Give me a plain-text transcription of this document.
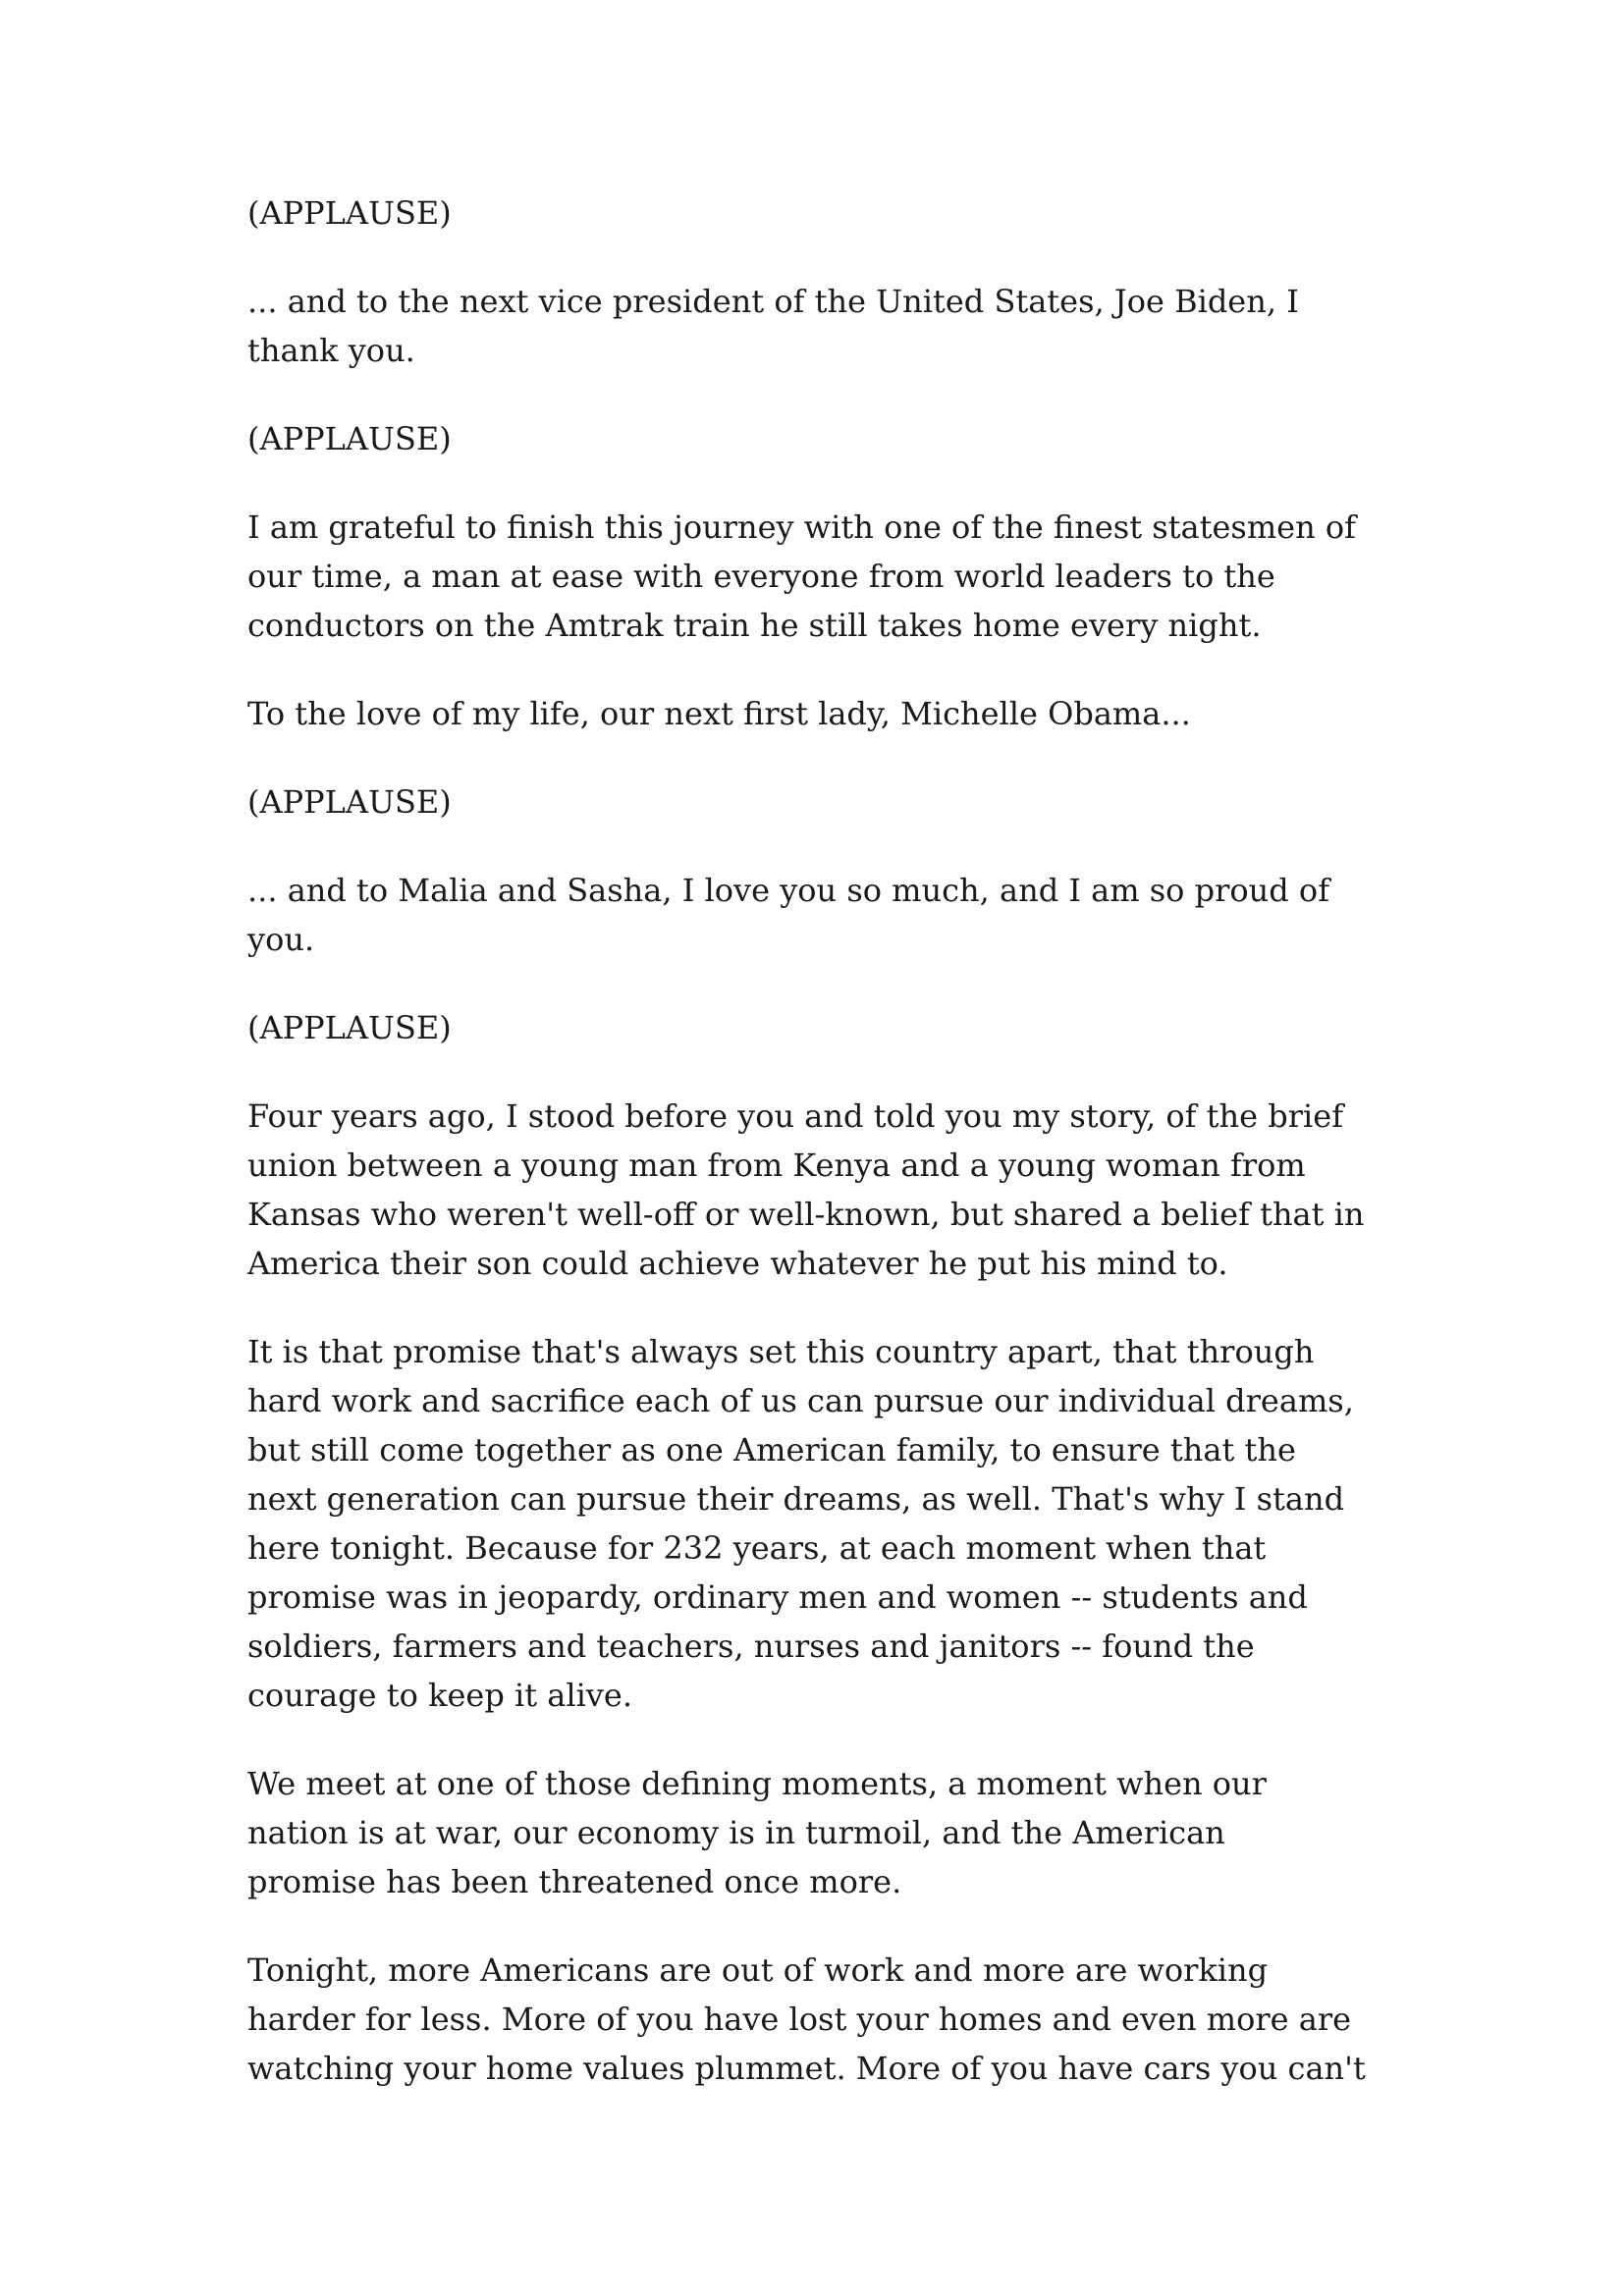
(APPLAUSE)

... and to the next vice president of the United States, Joe Biden, I
thank you.

(APPLAUSE)

I am grateful to finish this journey with one of the finest statesmen of
our time, a man at ease with everyone from world leaders to the
conductors on the Amtrak train he still takes home every night.

To the love of my life, our next first lady, Michelle Obama...

(APPLAUSE)

... and to Malia and Sasha, I love you so much, and I am so proud of
you.

(APPLAUSE)

Four years ago, I stood before you and told you my story, of the brief
union between a young man from Kenya and a young woman from
Kansas who weren't well-off or well-known, but shared a belief that in
America their son could achieve whatever he put his mind to.

It is that promise that's always set this country apart, that through
hard work and sacrifice each of us can pursue our individual dreams,
but still come together as one American family, to ensure that the
next generation can pursue their dreams, as well. That's why I stand
here tonight. Because for 232 years, at each moment when that
promise was in jeopardy, ordinary men and women -- students and
soldiers, farmers and teachers, nurses and janitors -- found the
courage to keep it alive.

We meet at one of those defining moments, a moment when our
nation is at war, our economy is in turmoil, and the American
promise has been threatened once more.

Tonight, more Americans are out of work and more are working
harder for less. More of you have lost your homes and even more are
watching your home values plummet. More of you have cars you can't
